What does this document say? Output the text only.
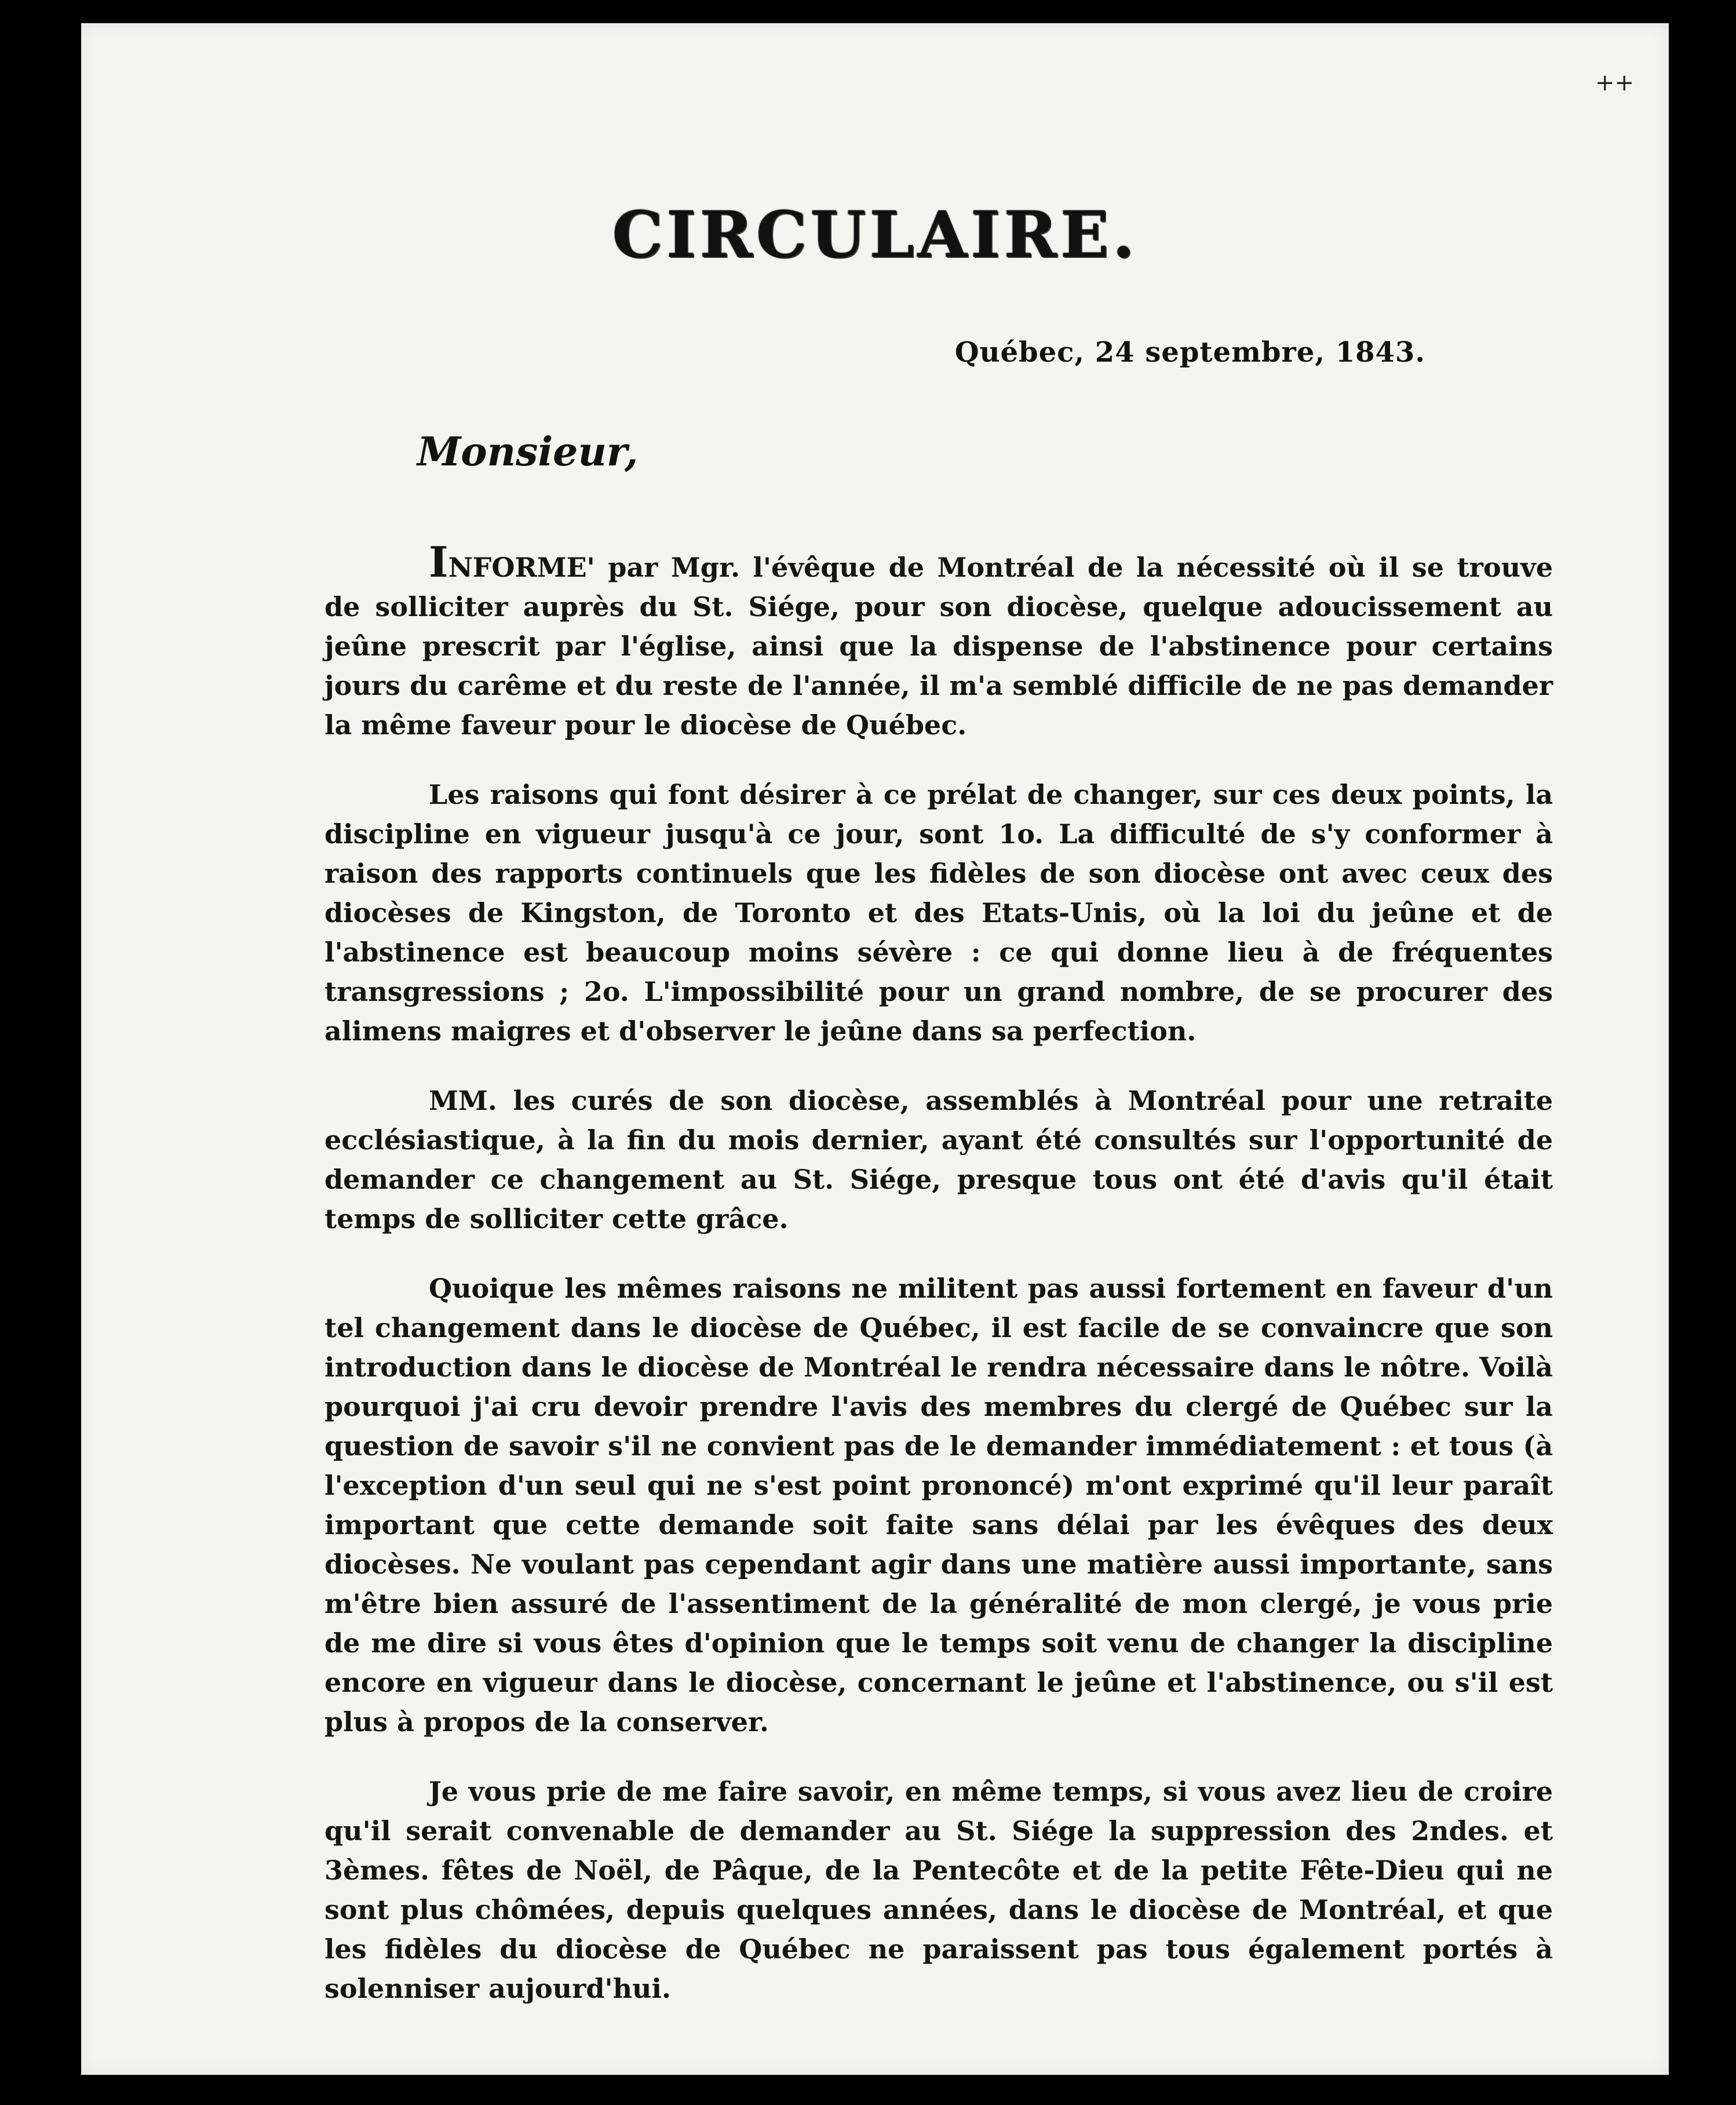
++
CIRCULAIRE.
Québec, 24 septembre, 1843.
Monsieur,

INFORME' par Mgr. l'évêque de Montréal de la nécessité où il se trouve de solliciter auprès du St. Siége, pour son diocèse, quelque adoucissement au jeûne prescrit par l'église, ainsi que la dispense de l'abstinence pour certains jours du carême et du reste de l'année, il m'a semblé difficile de ne pas demander la même faveur pour le diocèse de Québec.

Les raisons qui font désirer à ce prélat de changer, sur ces deux points, la discipline en vigueur jusqu'à ce jour, sont 1o. La difficulté de s'y conformer à raison des rapports continuels que les fidèles de son diocèse ont avec ceux des diocèses de Kingston, de Toronto et des Etats-Unis, où la loi du jeûne et de l'abstinence est beaucoup moins sévère : ce qui donne lieu à de fréquentes transgressions ; 2o. L'impossibilité pour un grand nombre, de se procurer des alimens maigres et d'observer le jeûne dans sa perfection.

MM. les curés de son diocèse, assemblés à Montréal pour une retraite ecclésiastique, à la fin du mois dernier, ayant été consultés sur l'opportunité de demander ce changement au St. Siége, presque tous ont été d'avis qu'il était temps de solliciter cette grâce.

Quoique les mêmes raisons ne militent pas aussi fortement en faveur d'un tel changement dans le diocèse de Québec, il est facile de se convaincre que son introduction dans le diocèse de Montréal le rendra nécessaire dans le nôtre. Voilà pourquoi j'ai cru devoir prendre l'avis des membres du clergé de Québec sur la question de savoir s'il ne convient pas de le demander immédiatement : et tous (à l'exception d'un seul qui ne s'est point prononcé) m'ont exprimé qu'il leur paraît important que cette demande soit faite sans délai par les évêques des deux diocèses. Ne voulant pas cependant agir dans une matière aussi importante, sans m'être bien assuré de l'assentiment de la généralité de mon clergé, je vous prie de me dire si vous êtes d'opinion que le temps soit venu de changer la discipline encore en vigueur dans le diocèse, concernant le jeûne et l'abstinence, ou s'il est plus à propos de la conserver.

Je vous prie de me faire savoir, en même temps, si vous avez lieu de croire qu'il serait convenable de demander au St. Siége la suppression des 2ndes. et 3èmes. fêtes de Noël, de Pâque, de la Pentecôte et de la petite Fête-Dieu qui ne sont plus chômées, depuis quelques années, dans le diocèse de Montréal, et que les fidèles du diocèse de Québec ne paraissent pas tous également portés à solenniser aujourd'hui.
